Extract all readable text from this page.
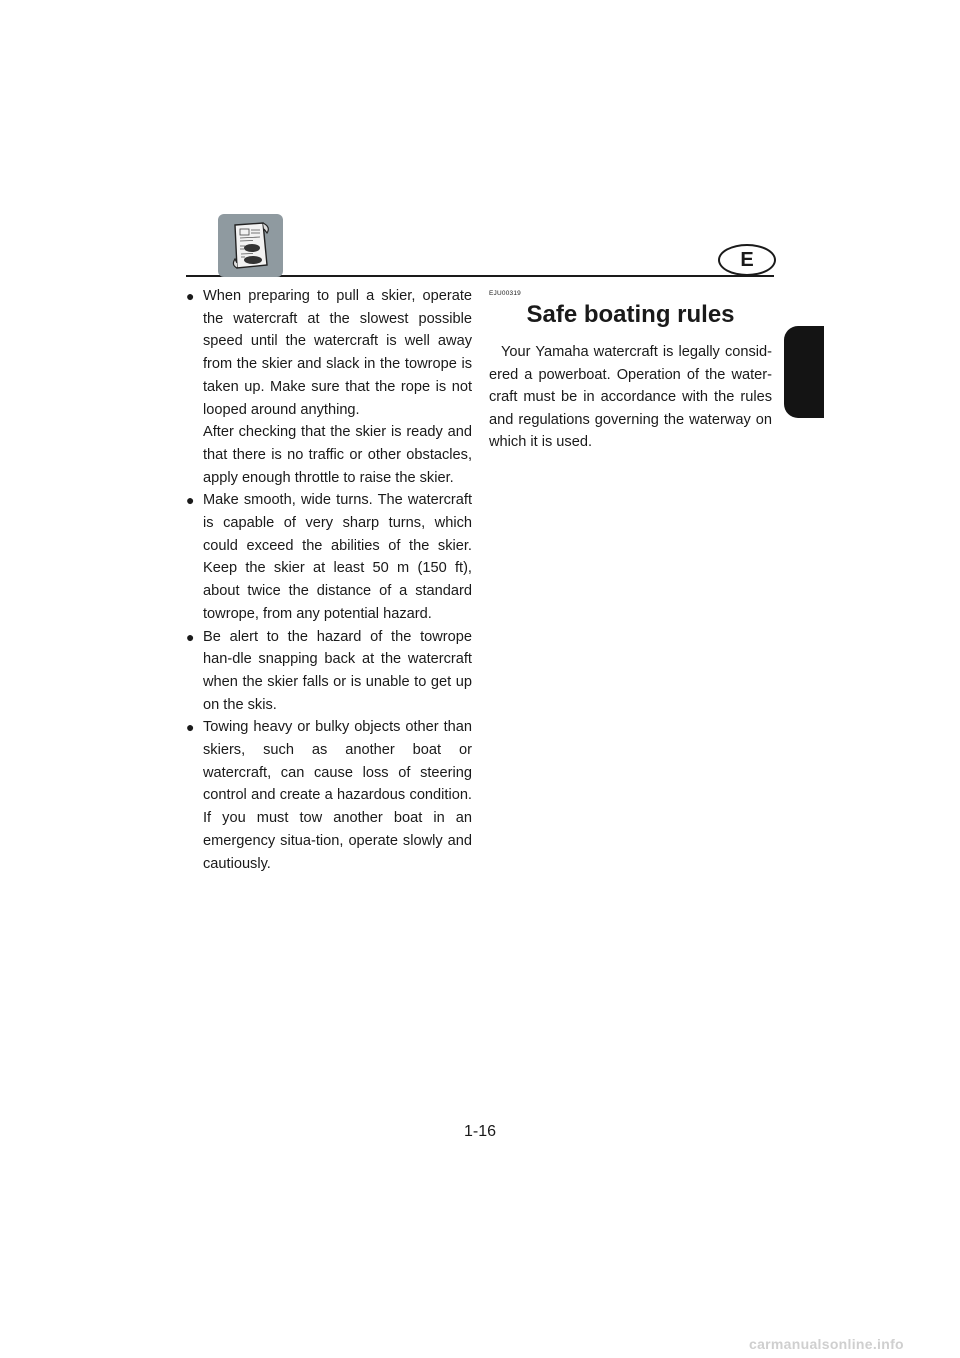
E
● When preparing to pull a skier, operate the watercraft at the slowest possible speed until the watercraft is well away from the skier and slack in the towrope is taken up. Make sure that the rope is not looped around anything.

After checking that the skier is ready and that there is no traffic or other obstacles, apply enough throttle to raise the skier.

● Make smooth, wide turns. The watercraft is capable of very sharp turns, which could exceed the abilities of the skier. Keep the skier at least 50 m (150 ft), about twice the distance of a standard towrope, from any potential hazard.

● Be alert to the hazard of the towrope han-dle snapping back at the watercraft when the skier falls or is unable to get up on the skis.

● Towing heavy or bulky objects other than skiers, such as another boat or watercraft, can cause loss of steering control and create a hazardous condition. If you must tow another boat in an emergency situa-tion, operate slowly and cautiously.

EJU00319
Safe boating rules

Your Yamaha watercraft is legally consid-ered a powerboat. Operation of the water-craft must be in accordance with the rules and regulations governing the waterway on which it is used.

1-16
carmanualsonline.info
